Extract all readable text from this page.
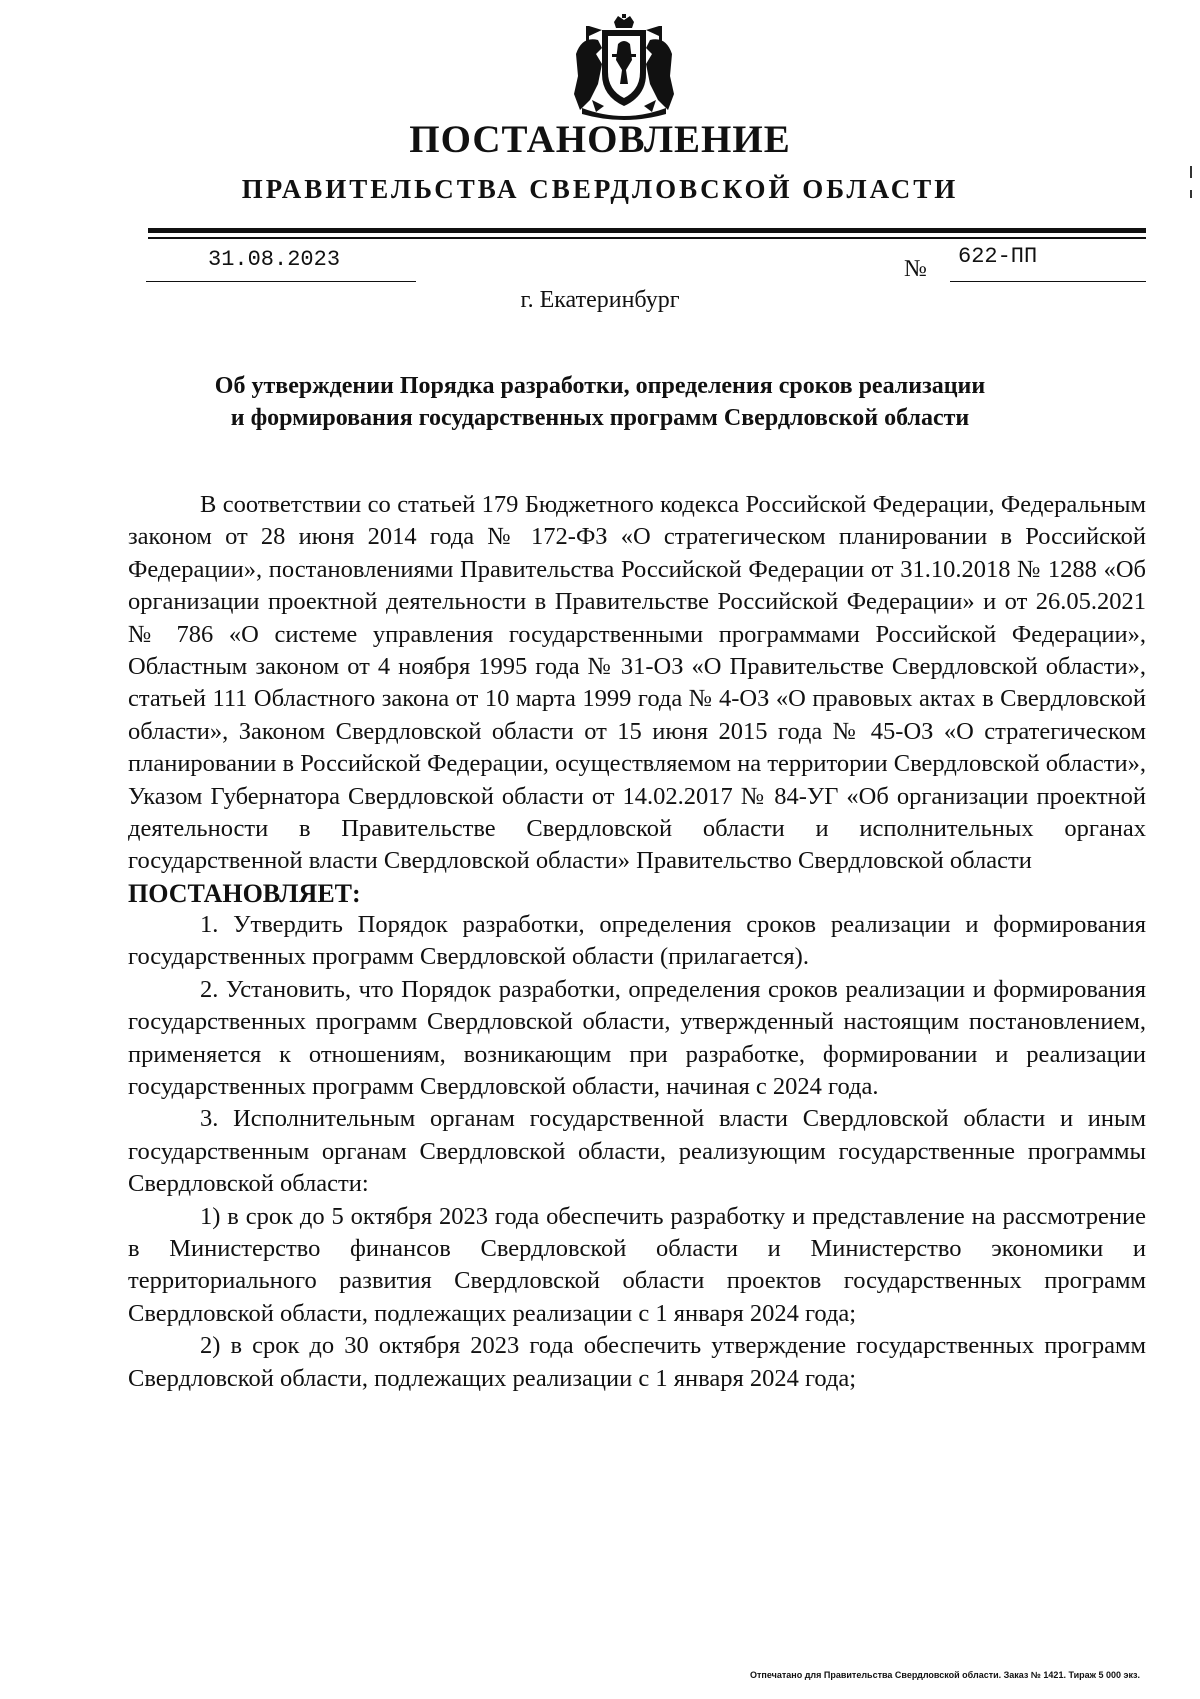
ПОСТАНОВЛЕНИЕ
ПРАВИТЕЛЬСТВА СВЕРДЛОВСКОЙ ОБЛАСТИ
31.08.2023	№ 622-ПП
г. Екатеринбург
Об утверждении Порядка разработки, определения сроков реализации
и формирования государственных программ Свердловской области

В соответствии со статьей 179 Бюджетного кодекса Российской Федерации, Федеральным законом от 28 июня 2014 года № 172-ФЗ «О стратегическом планировании в Российской Федерации», постановлениями Правительства Российской Федерации от 31.10.2018 № 1288 «Об организации проектной деятельности в Правительстве Российской Федерации» и от 26.05.2021 № 786 «О системе управления государственными программами Российской Федерации», Областным законом от 4 ноября 1995 года № 31-ОЗ «О Правительстве Свердловской области», статьей 111 Областного закона от 10 марта 1999 года № 4-ОЗ «О правовых актах в Свердловской области», Законом Свердловской области от 15 июня 2015 года № 45-ОЗ «О стратегическом планировании в Российской Федерации, осуществляемом на территории Свердловской области», Указом Губернатора Свердловской области от 14.02.2017 № 84-УГ «Об организации проектной деятельности в Правительстве Свердловской области и исполнительных органах государственной власти Свердловской области» Правительство Свердловской области

ПОСТАНОВЛЯЕТ:

1. Утвердить Порядок разработки, определения сроков реализации и формирования государственных программ Свердловской области (прилагается).

2. Установить, что Порядок разработки, определения сроков реализации и формирования государственных программ Свердловской области, утвержденный настоящим постановлением, применяется к отношениям, возникающим при разработке, формировании и реализации государственных программ Свердловской области, начиная с 2024 года.

3. Исполнительным органам государственной власти Свердловской области и иным государственным органам Свердловской области, реализующим государственные программы Свердловской области:

1) в срок до 5 октября 2023 года обеспечить разработку и представление на рассмотрение в Министерство финансов Свердловской области и Министерство экономики и территориального развития Свердловской области проектов государственных программ Свердловской области, подлежащих реализации с 1 января 2024 года;

2) в срок до 30 октября 2023 года обеспечить утверждение государственных программ Свердловской области, подлежащих реализации с 1 января 2024 года;

Отпечатано для Правительства Свердловской области. Заказ № 1421. Тираж 5 000 экз.
